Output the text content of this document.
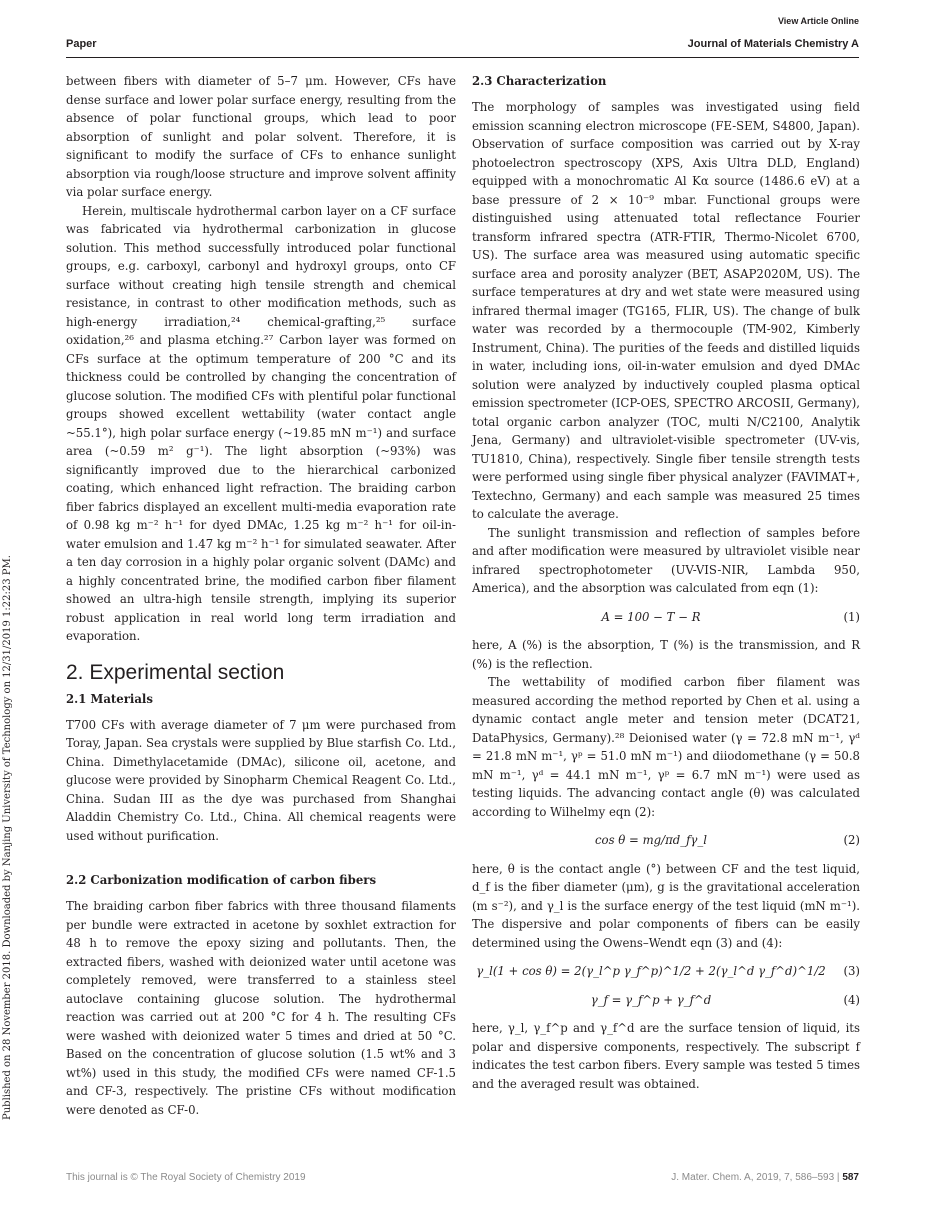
View Article Online
Paper	Journal of Materials Chemistry A
Published on 28 November 2018. Downloaded by Nanjing University of Technology on 12/31/2019 1:22:23 PM.

between fibers with diameter of 5–7 μm. However, CFs have dense surface and lower polar surface energy, resulting from the absence of polar functional groups, which lead to poor absorption of sunlight and polar solvent. Therefore, it is significant to modify the surface of CFs to enhance sunlight absorption via rough/loose structure and improve solvent affinity via polar surface energy.

Herein, multiscale hydrothermal carbon layer on a CF surface was fabricated via hydrothermal carbonization in glucose solution. This method successfully introduced polar functional groups, e.g. carboxyl, carbonyl and hydroxyl groups, onto CF surface without creating high tensile strength and chemical resistance, in contrast to other modification methods, such as high-energy irradiation,²⁴ chemical-grafting,²⁵ surface oxidation,²⁶ and plasma etching.²⁷ Carbon layer was formed on CFs surface at the optimum temperature of 200 °C and its thickness could be controlled by changing the concentration of glucose solution. The modified CFs with plentiful polar functional groups showed excellent wettability (water contact angle ~55.1°), high polar surface energy (~19.85 mN m⁻¹) and surface area (~0.59 m² g⁻¹). The light absorption (~93%) was significantly improved due to the hierarchical carbonized coating, which enhanced light refraction. The braiding carbon fiber fabrics displayed an excellent multi-media evaporation rate of 0.98 kg m⁻² h⁻¹ for dyed DMAc, 1.25 kg m⁻² h⁻¹ for oil-in-water emulsion and 1.47 kg m⁻² h⁻¹ for simulated seawater. After a ten day corrosion in a highly polar organic solvent (DAMc) and a highly concentrated brine, the modified carbon fiber filament showed an ultra-high tensile strength, implying its superior robust application in real world long term irradiation and evaporation.

2. Experimental section
2.1 Materials

T700 CFs with average diameter of 7 μm were purchased from Toray, Japan. Sea crystals were supplied by Blue starfish Co. Ltd., China. Dimethylacetamide (DMAc), silicone oil, acetone, and glucose were provided by Sinopharm Chemical Reagent Co. Ltd., China. Sudan III as the dye was purchased from Shanghai Aladdin Chemistry Co. Ltd., China. All chemical reagents were used without purification.

2.2 Carbonization modification of carbon fibers

The braiding carbon fiber fabrics with three thousand filaments per bundle were extracted in acetone by soxhlet extraction for 48 h to remove the epoxy sizing and pollutants. Then, the extracted fibers, washed with deionized water until acetone was completely removed, were transferred to a stainless steel autoclave containing glucose solution. The hydrothermal reaction was carried out at 200 °C for 4 h. The resulting CFs were washed with deionized water 5 times and dried at 50 °C. Based on the concentration of glucose solution (1.5 wt% and 3 wt%) used in this study, the modified CFs were named CF-1.5 and CF-3, respectively. The pristine CFs without modification were denoted as CF-0.

2.3 Characterization

The morphology of samples was investigated using field emission scanning electron microscope (FE-SEM, S4800, Japan). Observation of surface composition was carried out by X-ray photoelectron spectroscopy (XPS, Axis Ultra DLD, England) equipped with a monochromatic Al Kα source (1486.6 eV) at a base pressure of 2 × 10⁻⁹ mbar. Functional groups were distinguished using attenuated total reflectance Fourier transform infrared spectra (ATR-FTIR, Thermo-Nicolet 6700, US). The surface area was measured using automatic specific surface area and porosity analyzer (BET, ASAP2020M, US). The surface temperatures at dry and wet state were measured using infrared thermal imager (TG165, FLIR, US). The change of bulk water was recorded by a thermocouple (TM-902, Kimberly Instrument, China). The purities of the feeds and distilled liquids in water, including ions, oil-in-water emulsion and dyed DMAc solution were analyzed by inductively coupled plasma optical emission spectrometer (ICP-OES, SPECTRO ARCOSII, Germany), total organic carbon analyzer (TOC, multi N/C2100, Analytik Jena, Germany) and ultraviolet-visible spectrometer (UV-vis, TU1810, China), respectively. Single fiber tensile strength tests were performed using single fiber physical analyzer (FAVIMAT+, Textechno, Germany) and each sample was measured 25 times to calculate the average.

The sunlight transmission and reflection of samples before and after modification were measured by ultraviolet visible near infrared spectrophotometer (UV-VIS-NIR, Lambda 950, America), and the absorption was calculated from eqn (1):

A = 100 − T − R	(1)

here, A (%) is the absorption, T (%) is the transmission, and R (%) is the reflection.

The wettability of modified carbon fiber filament was measured according the method reported by Chen et al. using a dynamic contact angle meter and tension meter (DCAT21, DataPhysics, Germany).²⁸ Deionised water (γ = 72.8 mN m⁻¹, γᵈ = 21.8 mN m⁻¹, γᵖ = 51.0 mN m⁻¹) and diiodomethane (γ = 50.8 mN m⁻¹, γᵈ = 44.1 mN m⁻¹, γᵖ = 6.7 mN m⁻¹) were used as testing liquids. The advancing contact angle (θ) was calculated according to Wilhelmy eqn (2):

cos θ = mg/πd_fγ_l	(2)

here, θ is the contact angle (°) between CF and the test liquid, d_f is the fiber diameter (μm), g is the gravitational acceleration (m s⁻²), and γ_l is the surface energy of the test liquid (mN m⁻¹). The dispersive and polar components of fibers can be easily determined using the Owens–Wendt eqn (3) and (4):

γ_l(1 + cos θ) = 2(γ_l^p γ_f^p)^1/2 + 2(γ_l^d γ_f^d)^1/2	(3)
γ_f = γ_f^p + γ_f^d	(4)

here, γ_l, γ_f^p and γ_f^d are the surface tension of liquid, its polar and dispersive components, respectively. The subscript f indicates the test carbon fibers. Every sample was tested 5 times and the averaged result was obtained.

This journal is © The Royal Society of Chemistry 2019	J. Mater. Chem. A, 2019, 7, 586–593 | 587
